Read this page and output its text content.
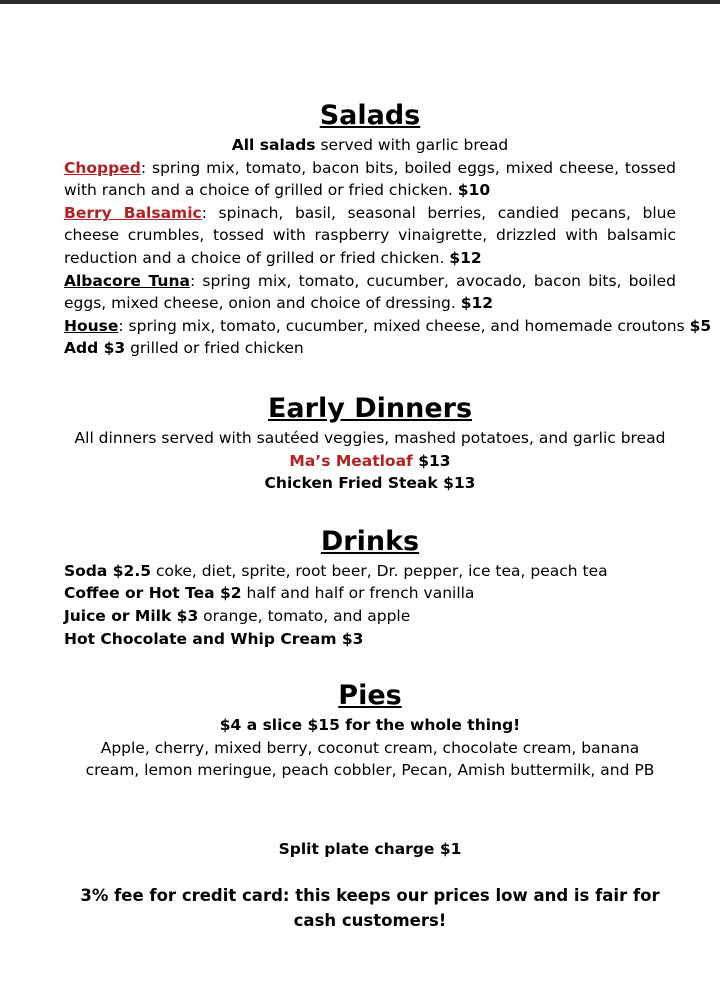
Salads
All salads served with garlic bread
Chopped: spring mix, tomato, bacon bits, boiled eggs, mixed cheese, tossed with ranch and a choice of grilled or fried chicken. $10
Berry Balsamic: spinach, basil, seasonal berries, candied pecans, blue cheese crumbles, tossed with raspberry vinaigrette, drizzled with balsamic reduction and a choice of grilled or fried chicken. $12
Albacore Tuna: spring mix, tomato, cucumber, avocado, bacon bits, boiled eggs, mixed cheese, onion and choice of dressing. $12
House: spring mix, tomato, cucumber, mixed cheese, and homemade croutons $5
Add $3 grilled or fried chicken
Early Dinners
All dinners served with sautéed veggies, mashed potatoes, and garlic bread
Ma’s Meatloaf $13
Chicken Fried Steak $13
Drinks
Soda $2.5 coke, diet, sprite, root beer, Dr. pepper, ice tea, peach tea
Coffee or Hot Tea $2 half and half or french vanilla
Juice or Milk $3 orange, tomato, and apple
Hot Chocolate and Whip Cream $3
Pies
$4 a slice $15 for the whole thing!
Apple, cherry, mixed berry, coconut cream, chocolate cream, banana cream, lemon meringue, peach cobbler, Pecan, Amish buttermilk, and PB
Split plate charge $1
3% fee for credit card: this keeps our prices low and is fair for cash customers!
